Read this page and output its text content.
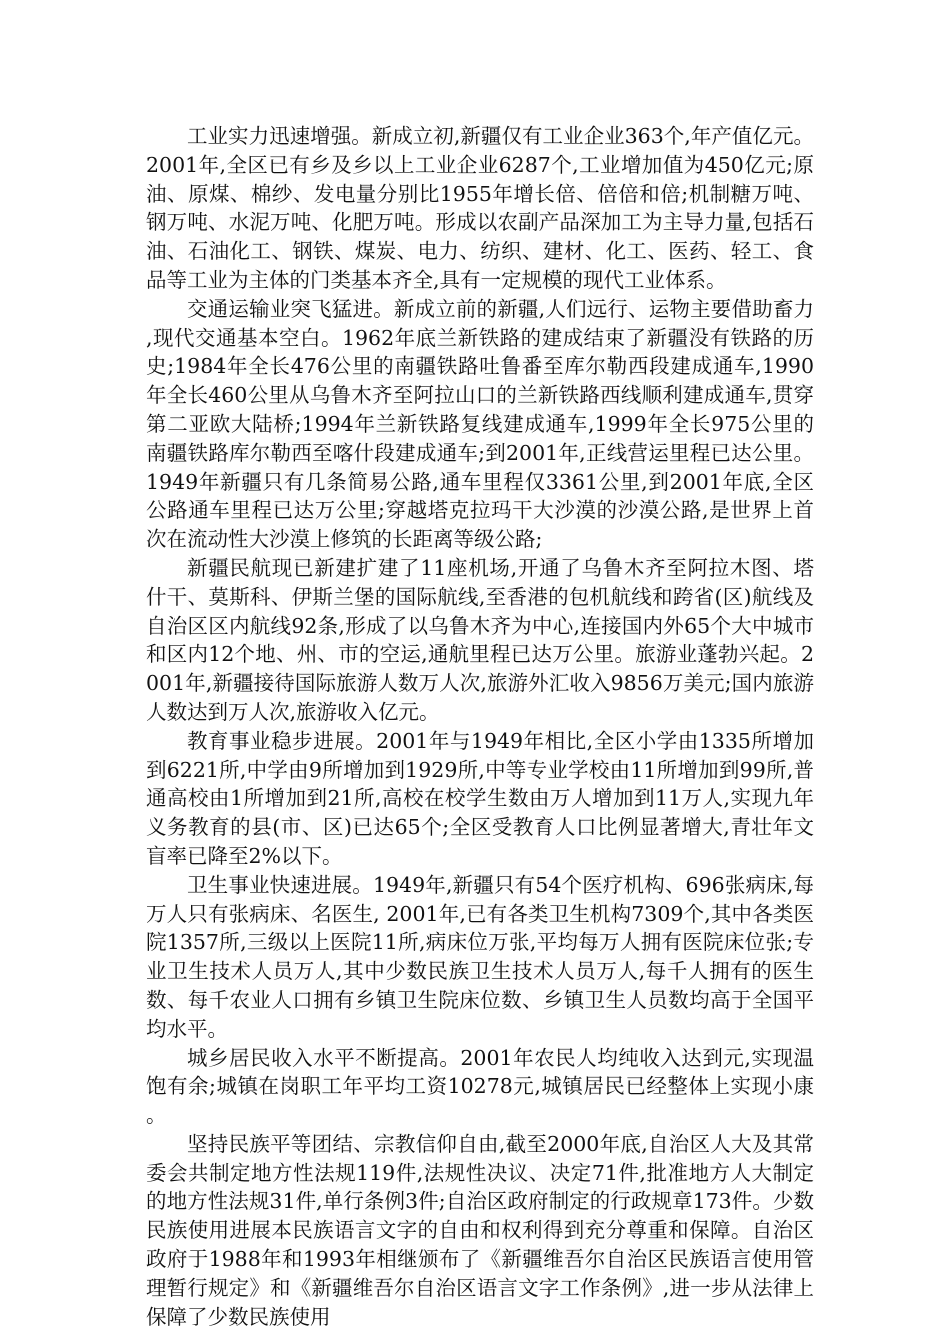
工业实力迅速增强。新成立初,新疆仅有工业企业363个,年产值亿元。2001年,全区已有乡及乡以上工业企业6287个,工业增加值为450亿元;原油、原煤、棉纱、发电量分别比1955年增长倍、倍倍和倍;机制糖万吨、钢万吨、水泥万吨、化肥万吨。形成以农副产品深加工为主导力量,包括石油、石油化工、钢铁、煤炭、电力、纺织、建材、化工、医药、轻工、食品等工业为主体的门类基本齐全,具有一定规模的现代工业体系。

交通运输业突飞猛进。新成立前的新疆,人们远行、运物主要借助畜力,现代交通基本空白。1962年底兰新铁路的建成结束了新疆没有铁路的历史;1984年全长476公里的南疆铁路吐鲁番至库尔勒西段建成通车,1990年全长460公里从乌鲁木齐至阿拉山口的兰新铁路西线顺利建成通车,贯穿第二亚欧大陆桥;1994年兰新铁路复线建成通车,1999年全长975公里的南疆铁路库尔勒西至喀什段建成通车;到2001年,正线营运里程已达公里。1949年新疆只有几条简易公路,通车里程仅3361公里,到2001年底,全区公路通车里程已达万公里;穿越塔克拉玛干大沙漠的沙漠公路,是世界上首次在流动性大沙漠上修筑的长距离等级公路;

新疆民航现已新建扩建了11座机场,开通了乌鲁木齐至阿拉木图、塔什干、莫斯科、伊斯兰堡的国际航线,至香港的包机航线和跨省(区)航线及自治区区内航线92条,形成了以乌鲁木齐为中心,连接国内外65个大中城市和区内12个地、州、市的空运,通航里程已达万公里。旅游业蓬勃兴起。2001年,新疆接待国际旅游人数万人次,旅游外汇收入9856万美元;国内旅游人数达到万人次,旅游收入亿元。

教育事业稳步进展。2001年与1949年相比,全区小学由1335所增加到6221所,中学由9所增加到1929所,中等专业学校由11所增加到99所,普通高校由1所增加到21所,高校在校学生数由万人增加到11万人,实现九年义务教育的县(市、区)已达65个;全区受教育人口比例显著增大,青壮年文盲率已降至2%以下。

卫生事业快速进展。1949年,新疆只有54个医疗机构、696张病床,每万人只有张病床、名医生, 2001年,已有各类卫生机构7309个,其中各类医院1357所,三级以上医院11所,病床位万张,平均每万人拥有医院床位张;专业卫生技术人员万人,其中少数民族卫生技术人员万人,每千人拥有的医生数、每千农业人口拥有乡镇卫生院床位数、乡镇卫生人员数均高于全国平均水平。

城乡居民收入水平不断提高。2001年农民人均纯收入达到元,实现温饱有余;城镇在岗职工年平均工资10278元,城镇居民已经整体上实现小康。

坚持民族平等团结、宗教信仰自由,截至2000年底,自治区人大及其常委会共制定地方性法规119件,法规性决议、决定71件,批准地方人大制定的地方性法规31件,单行条例3件;自治区政府制定的行政规章173件。少数民族使用进展本民族语言文字的自由和权利得到充分尊重和保障。自治区政府于1988年和1993年相继颁布了《新疆维吾尔自治区民族语言使用管理暂行规定》和《新疆维吾尔自治区语言文字工作条例》,进一步从法律上保障了少数民族使用
